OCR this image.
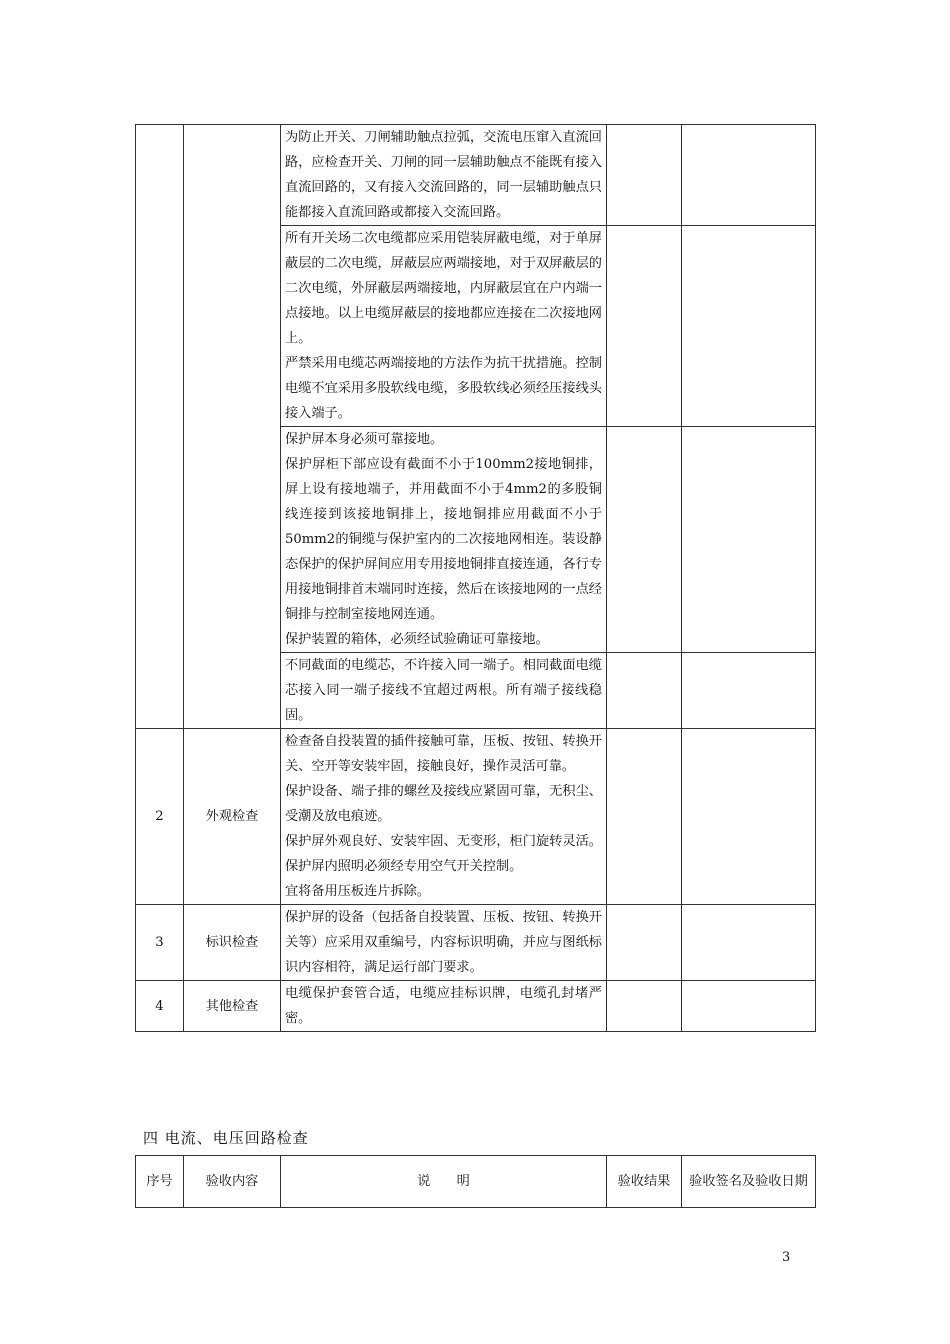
		为防止开关、刀闸辅助触点拉弧，交流电压窜入直流回路，应检查开关、刀闸的同一层辅助触点不能既有接入直流回路的，又有接入交流回路的，同一层辅助触点只能都接入直流回路或都接入交流回路。		

		所有开关场二次电缆都应采用铠装屏蔽电缆，对于单屏蔽层的二次电缆，屏蔽层应两端接地，对于双屏蔽层的二次电缆，外屏蔽层两端接地，内屏蔽层宜在户内端一点接地。以上电缆屏蔽层的接地都应连接在二次接地网上。

严禁采用电缆芯两端接地的方法作为抗干扰措施。控制电缆不宜采用多股软线电缆，多股软线必须经压接线头接入端子。		

		保护屏本身必须可靠接地。

保护屏柜下部应设有截面不小于100mm2接地铜排，屏上设有接地端子，并用截面不小于4mm2的多股铜线连接到该接地铜排上，接地铜排应用截面不小于50mm2的铜缆与保护室内的二次接地网相连。装设静态保护的保护屏间应用专用接地铜排直接连通，各行专用接地铜排首末端同时连接，然后在该接地网的一点经铜排与控制室接地网连通。

保护装置的箱体，必须经试验确证可靠接地。		

		不同截面的电缆芯，不许接入同一端子。相同截面电缆芯接入同一端子接线不宜超过两根。所有端子接线稳固。		

2	外观检查	检查备自投装置的插件接触可靠，压板、按钮、转换开关、空开等安装牢固，接触良好，操作灵活可靠。

保护设备、端子排的螺丝及接线应紧固可靠，无积尘、受潮及放电痕迹。

保护屏外观良好、安装牢固、无变形，柜门旋转灵活。保护屏内照明必须经专用空气开关控制。

宜将备用压板连片拆除。		

3	标识检查	保护屏的设备（包括备自投装置、压板、按钮、转换开关等）应采用双重编号，内容标识明确，并应与图纸标识内容相符，满足运行部门要求。		

4	其他检查	电缆保护套管合适，电缆应挂标识牌，电缆孔封堵严密。		

四 电流、电压回路检查
序号	验收内容	说　　明	验收结果	验收签名及验收日期
3
